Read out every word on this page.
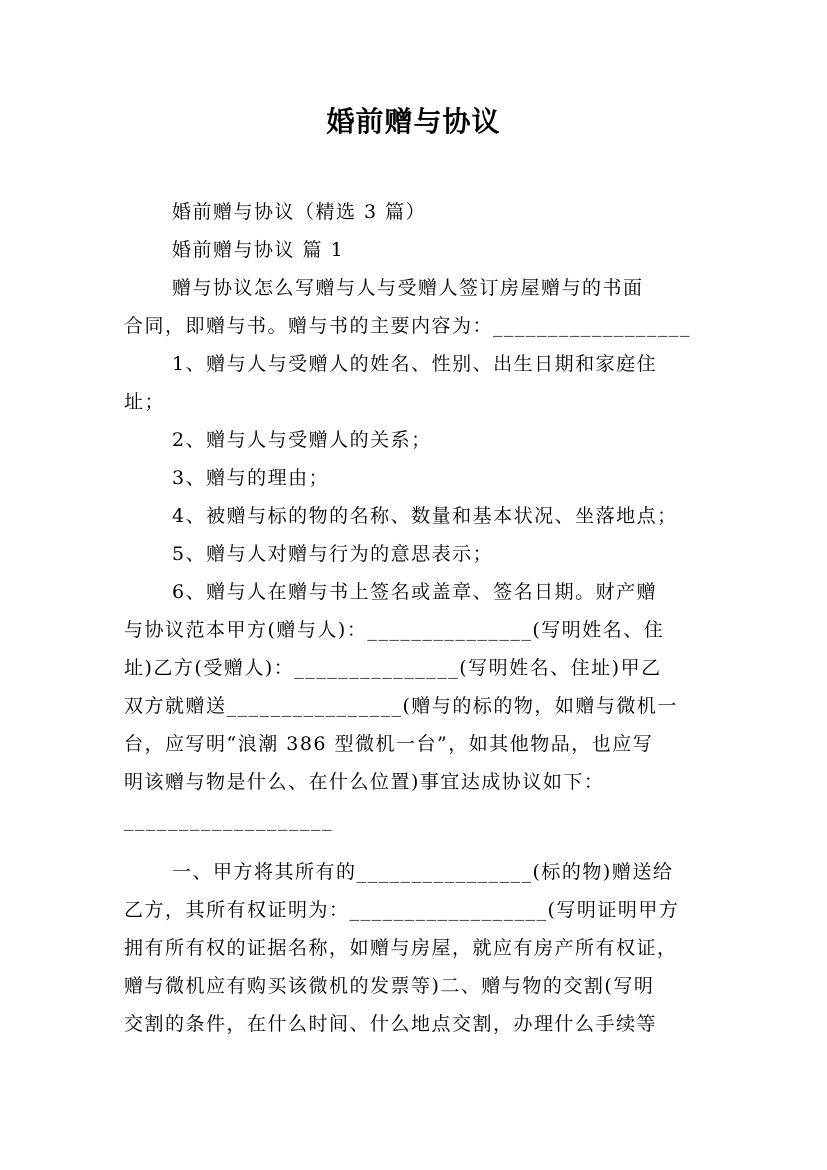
婚前赠与协议
婚前赠与协议（精选 3 篇）
婚前赠与协议 篇 1
赠与协议怎么写赠与人与受赠人签订房屋赠与的书面
合同，即赠与书。赠与书的主要内容为：__________________
1、赠与人与受赠人的姓名、性别、出生日期和家庭住
址；
2、赠与人与受赠人的关系；
3、赠与的理由；
4、被赠与标的物的名称、数量和基本状况、坐落地点；
5、赠与人对赠与行为的意思表示；
6、赠与人在赠与书上签名或盖章、签名日期。财产赠
与协议范本甲方(赠与人)：_______________(写明姓名、住
址)乙方(受赠人)：_______________(写明姓名、住址)甲乙
双方就赠送________________(赠与的标的物，如赠与微机一
台，应写明“浪潮 386 型微机一台”，如其他物品，也应写
明该赠与物是什么、在什么位置)事宜达成协议如下：
___________________
一、甲方将其所有的________________(标的物)赠送给
乙方，其所有权证明为：__________________(写明证明甲方
拥有所有权的证据名称，如赠与房屋，就应有房产所有权证，
赠与微机应有购买该微机的发票等)二、赠与物的交割(写明
交割的条件，在什么时间、什么地点交割，办理什么手续等
